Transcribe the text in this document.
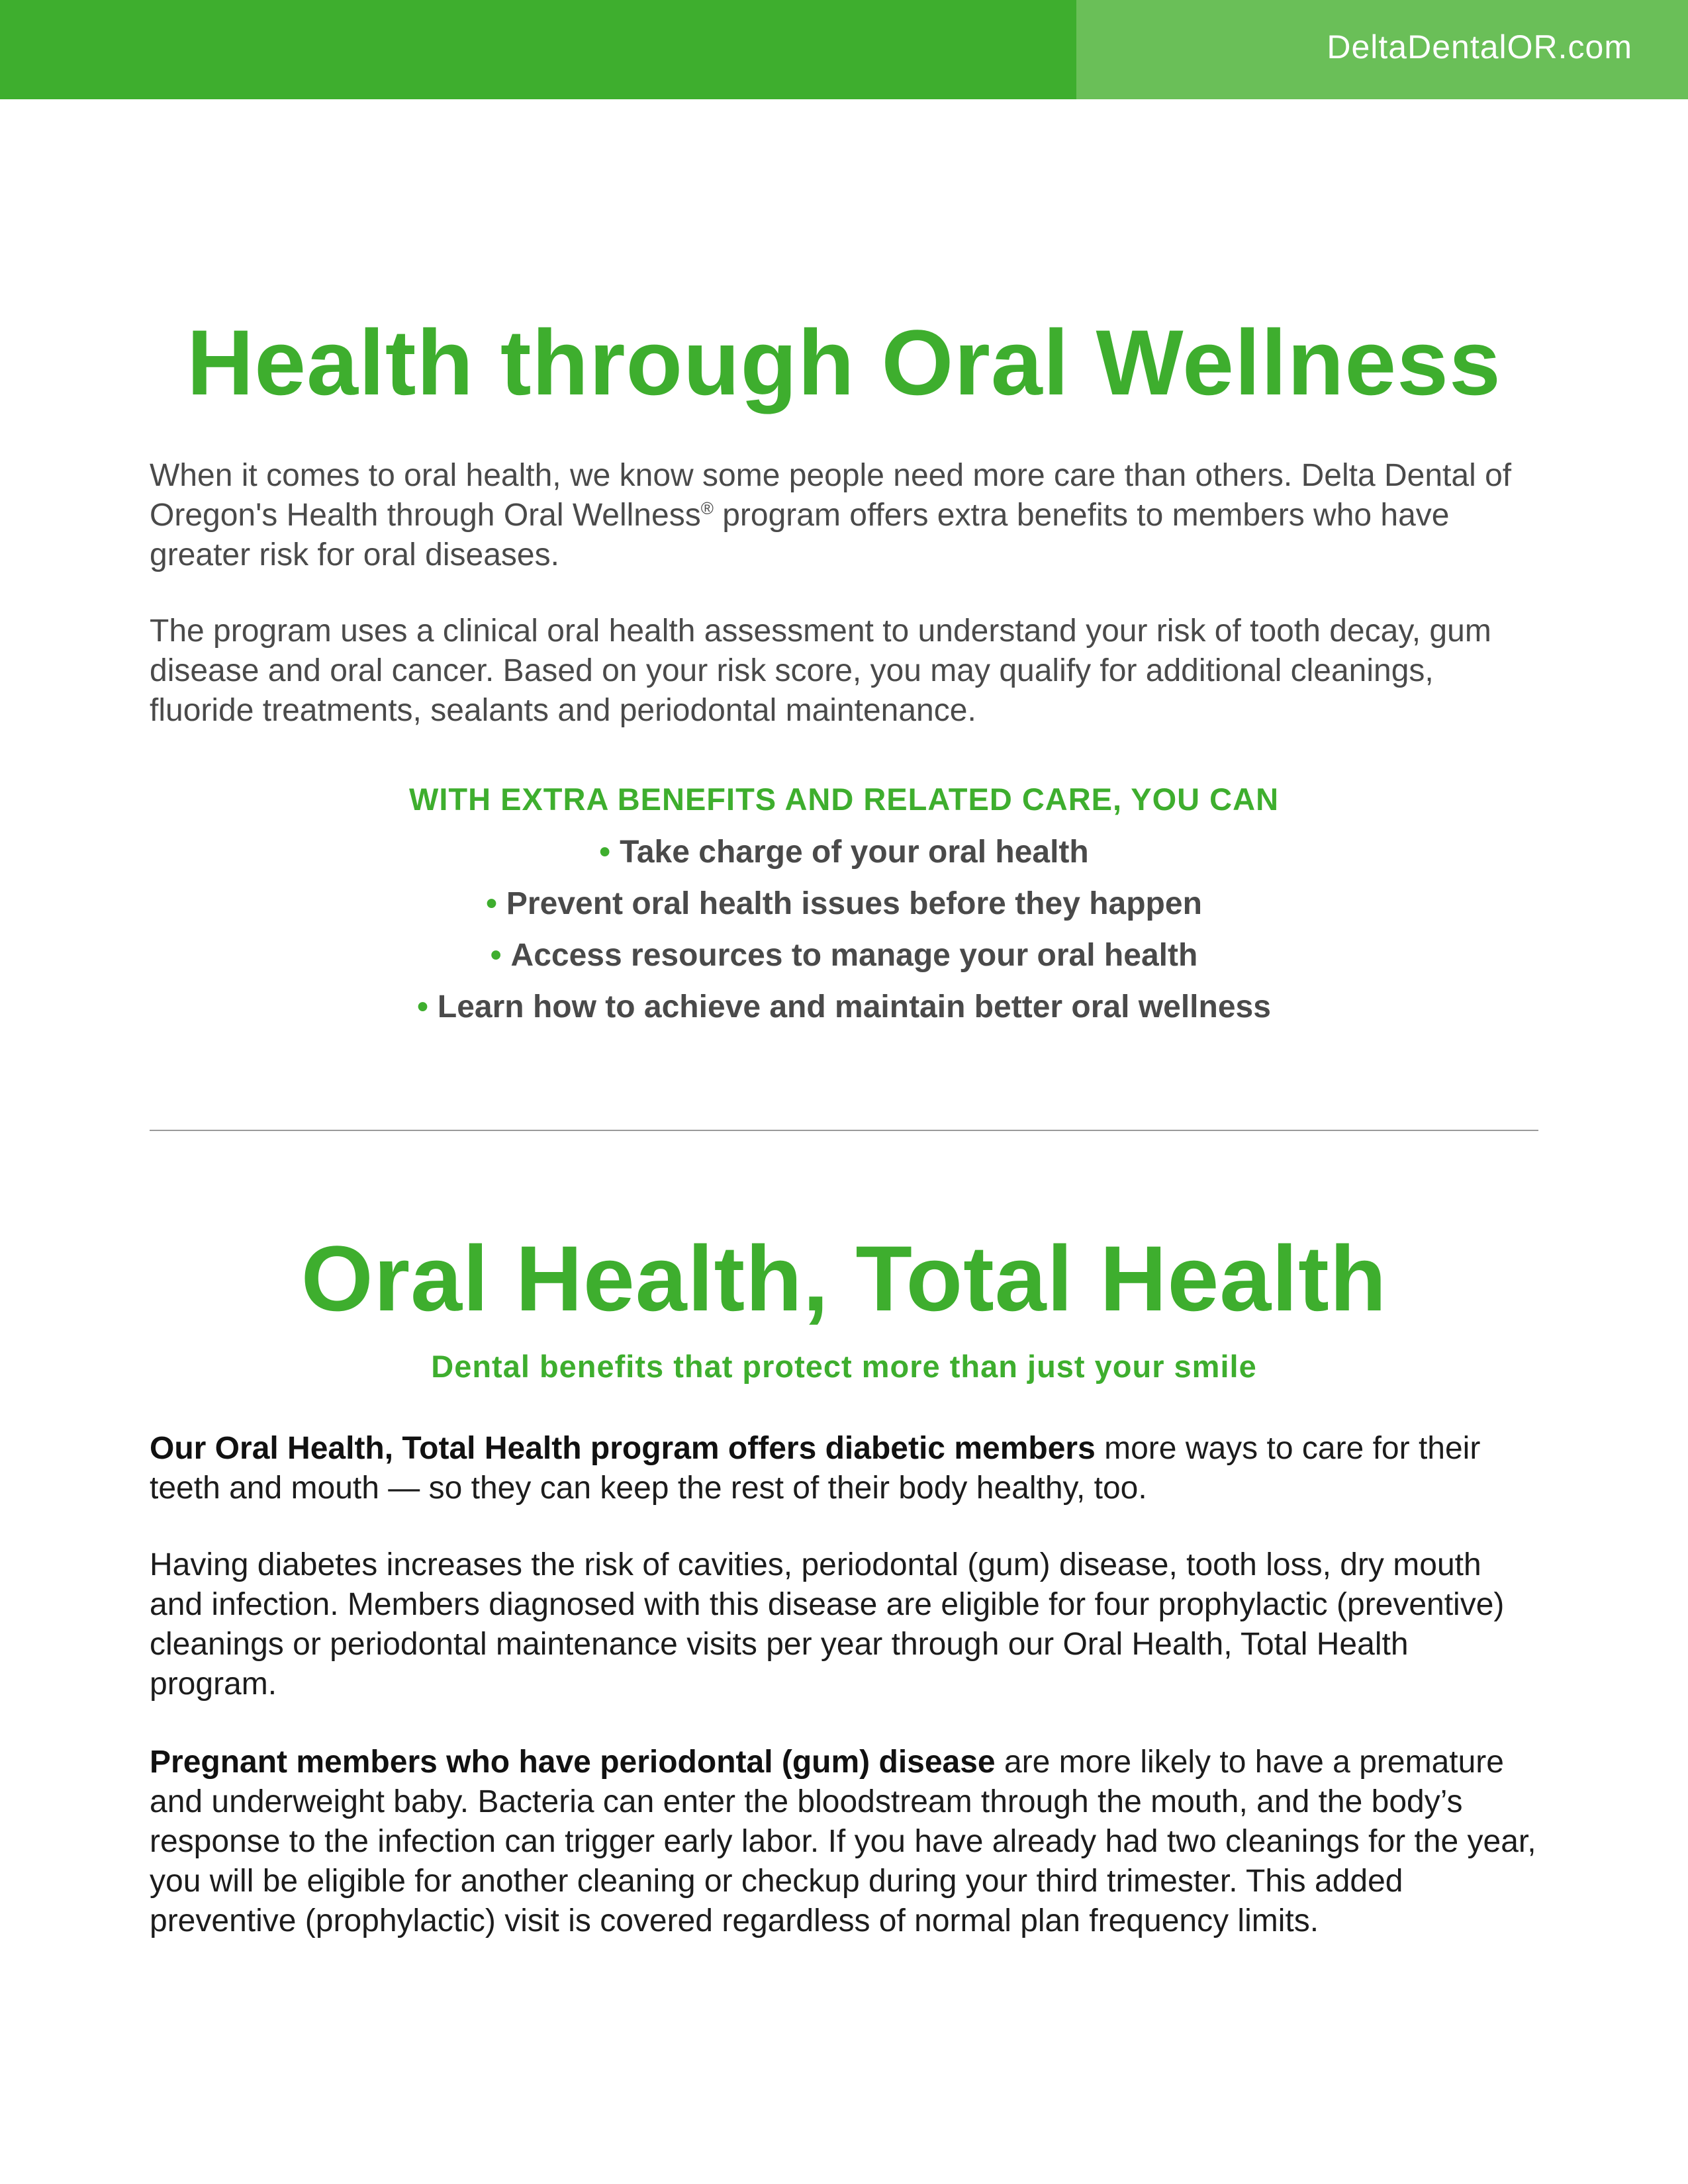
DeltaDentalOR.com
Health through Oral Wellness

When it comes to oral health, we know some people need more care than others. Delta Dental of Oregon's Health through Oral Wellness® program offers extra benefits to members who have greater risk for oral diseases.

The program uses a clinical oral health assessment to understand your risk of tooth decay, gum disease and oral cancer. Based on your risk score, you may qualify for additional cleanings, fluoride treatments, sealants and periodontal maintenance.

WITH EXTRA BENEFITS AND RELATED CARE, YOU CAN

• Take charge of your oral health
• Prevent oral health issues before they happen
• Access resources to manage your oral health
• Learn how to achieve and maintain better oral wellness
Oral Health, Total Health

Dental benefits that protect more than just your smile

Our Oral Health, Total Health program offers diabetic members more ways to care for their teeth and mouth — so they can keep the rest of their body healthy, too.

Having diabetes increases the risk of cavities, periodontal (gum) disease, tooth loss, dry mouth and infection. Members diagnosed with this disease are eligible for four prophylactic (preventive) cleanings or periodontal maintenance visits per year through our Oral Health, Total Health program.

Pregnant members who have periodontal (gum) disease are more likely to have a premature and underweight baby. Bacteria can enter the bloodstream through the mouth, and the body’s response to the infection can trigger early labor. If you have already had two cleanings for the year, you will be eligible for another cleaning or checkup during your third trimester. This added preventive (prophylactic) visit is covered regardless of normal plan frequency limits.
